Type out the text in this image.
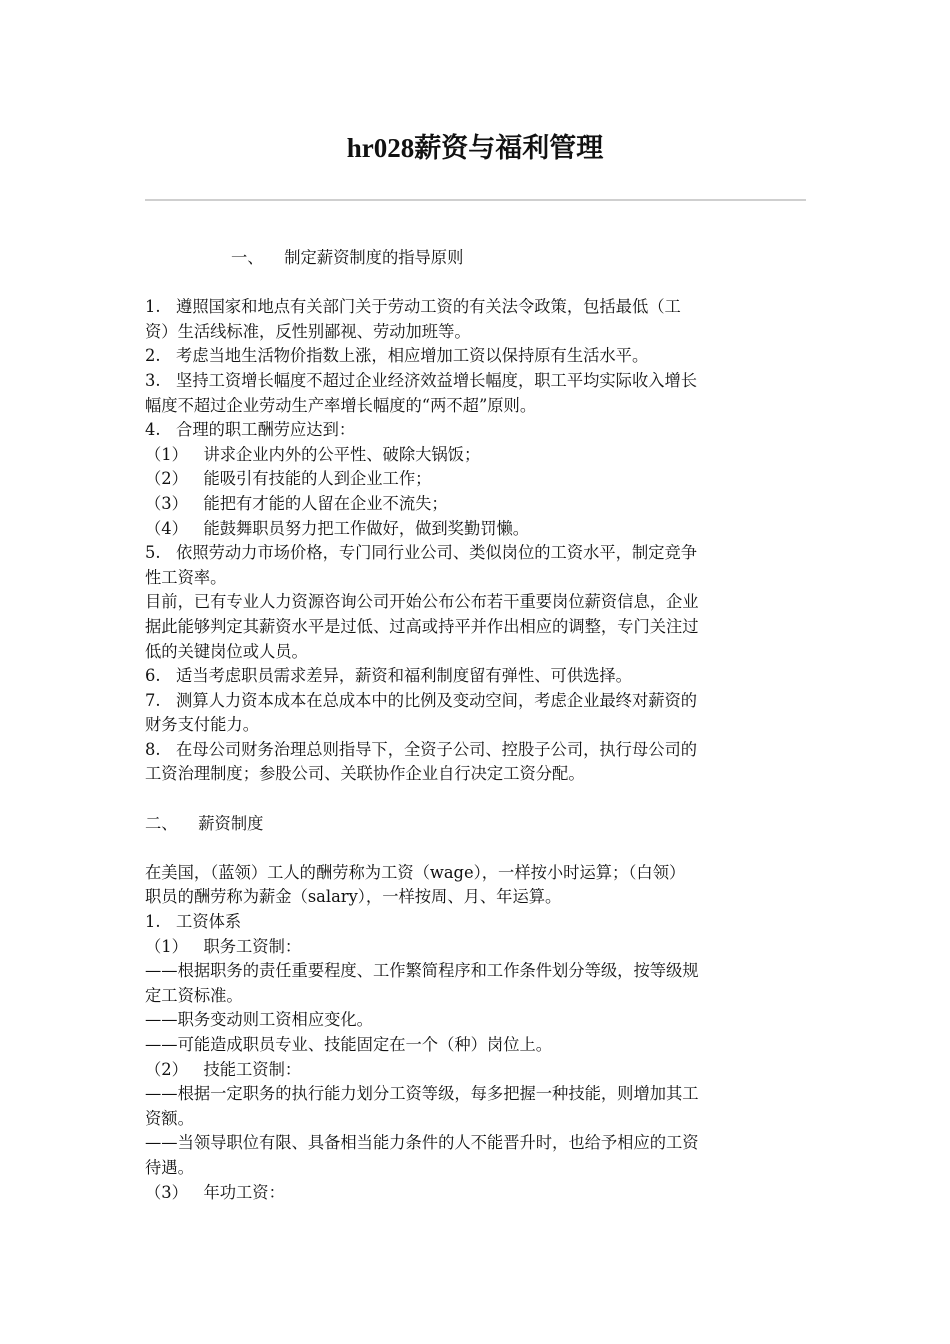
hr028薪资与福利管理
一、    制定薪资制度的指导原则
1.   遵照国家和地点有关部门关于劳动工资的有关法令政策，包括最低（工
资）生活线标准，反性别鄙视、劳动加班等。
2.   考虑当地生活物价指数上涨，相应增加工资以保持原有生活水平。
3.   坚持工资增长幅度不超过企业经济效益增长幅度，职工平均实际收入增长
幅度不超过企业劳动生产率增长幅度的“两不超”原则。
4.   合理的职工酬劳应达到：
（1）   讲求企业内外的公平性、破除大锅饭；
（2）   能吸引有技能的人到企业工作；
（3）   能把有才能的人留在企业不流失；
（4）   能鼓舞职员努力把工作做好，做到奖勤罚懒。
5.   依照劳动力市场价格，专门同行业公司、类似岗位的工资水平，制定竞争
性工资率。
目前，已有专业人力资源咨询公司开始公布公布若干重要岗位薪资信息，企业
据此能够判定其薪资水平是过低、过高或持平并作出相应的调整，专门关注过
低的关键岗位或人员。
6.   适当考虑职员需求差异，薪资和福利制度留有弹性、可供选择。
7.   测算人力资本成本在总成本中的比例及变动空间，考虑企业最终对薪资的
财务支付能力。
8.   在母公司财务治理总则指导下，全资子公司、控股子公司，执行母公司的
工资治理制度；参股公司、关联协作企业自行决定工资分配。
二、    薪资制度
在美国，（蓝领）工人的酬劳称为工资（wage），一样按小时运算；（白领）
职员的酬劳称为薪金（salary），一样按周、月、年运算。
1.   工资体系
（1）   职务工资制：
——根据职务的责任重要程度、工作繁简程序和工作条件划分等级，按等级规
定工资标准。
——职务变动则工资相应变化。
——可能造成职员专业、技能固定在一个（种）岗位上。
（2）   技能工资制：
——根据一定职务的执行能力划分工资等级，每多把握一种技能，则增加其工
资额。
——当领导职位有限、具备相当能力条件的人不能晋升时，也给予相应的工资
待遇。
（3）   年功工资：
